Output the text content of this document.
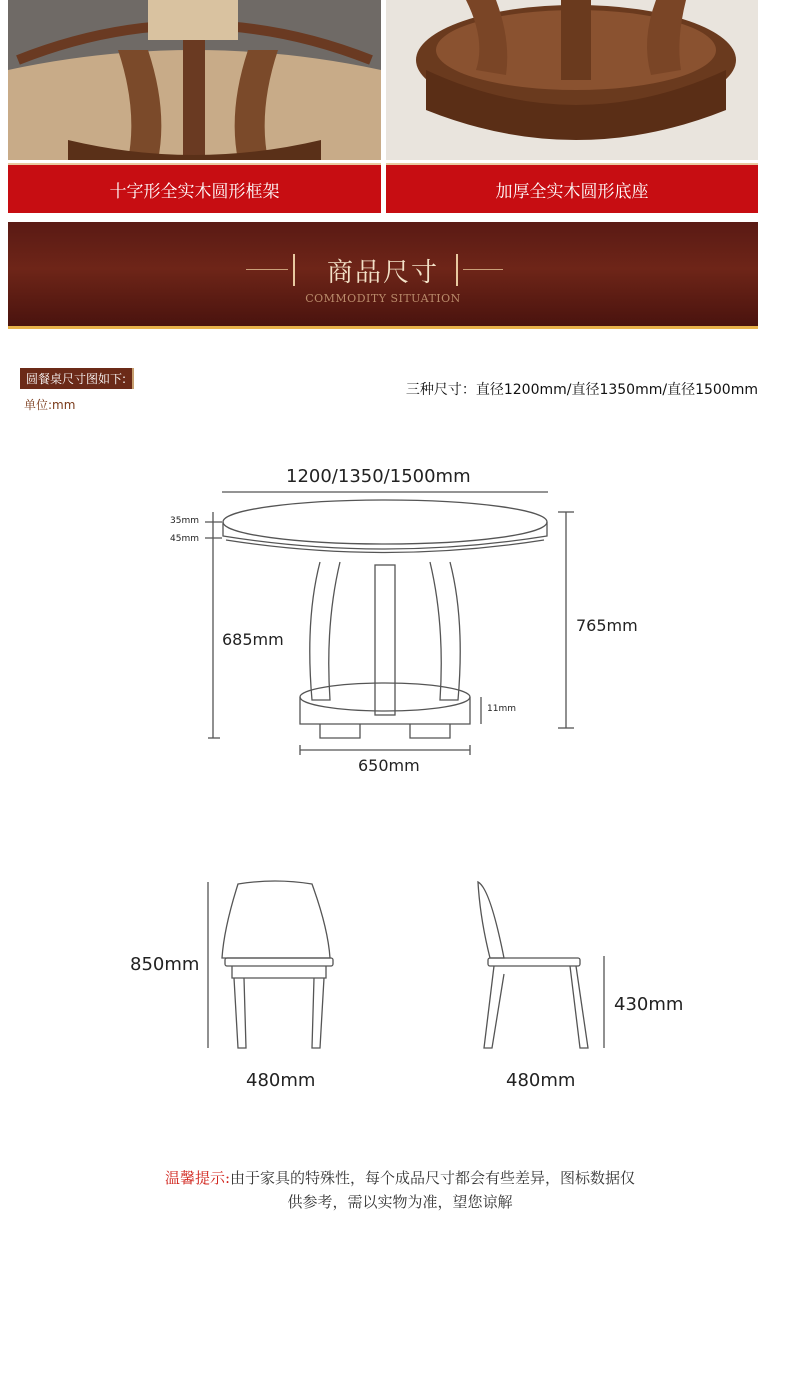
十字形全实木圆形框架	加厚全实木圆形底座
商品尺寸
COMMODITY SITUATION
圆餐桌尺寸图如下:
单位:mm
三种尺寸：直径1200mm/直径1350mm/直径1500mm
1200/1350/1500mm
35mm
45mm
685mm
765mm
11mm
650mm
850mm
480mm	480mm
430mm
温馨提示:由于家具的特殊性，每个成品尺寸都会有些差异，图标数据仅
供参考，需以实物为准，望您谅解
